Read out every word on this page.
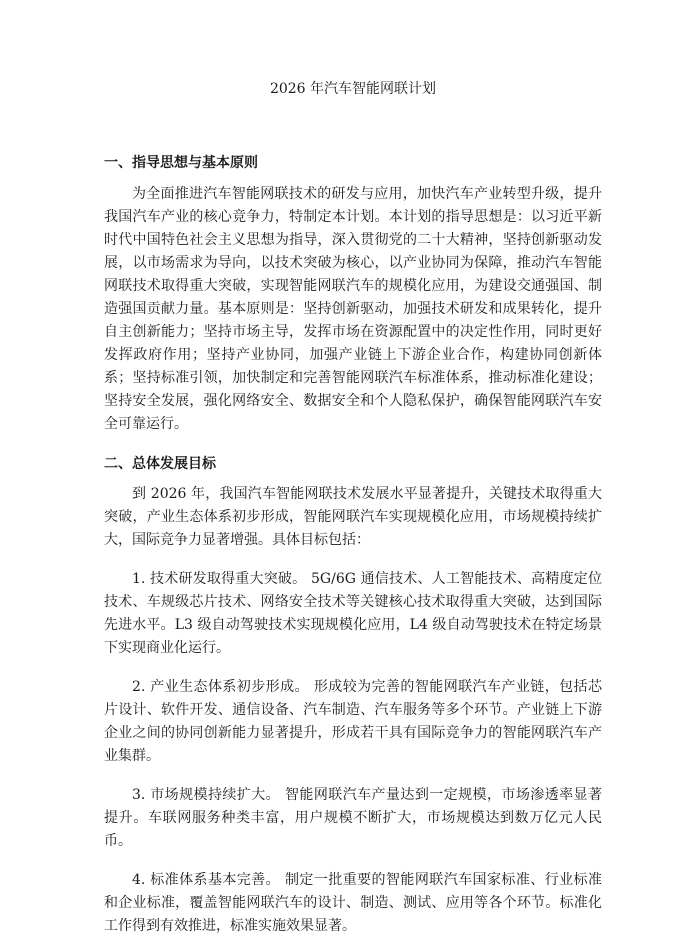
2026 年汽车智能网联计划
一、指导思想与基本原则

为全面推进汽车智能网联技术的研发与应用，加快汽车产业转型升级，提升我国汽车产业的核心竞争力，特制定本计划。本计划的指导思想是：以习近平新时代中国特色社会主义思想为指导，深入贯彻党的二十大精神，坚持创新驱动发展，以市场需求为导向，以技术突破为核心，以产业协同为保障，推动汽车智能网联技术取得重大突破，实现智能网联汽车的规模化应用，为建设交通强国、制造强国贡献力量。基本原则是：坚持创新驱动，加强技术研发和成果转化，提升自主创新能力；坚持市场主导，发挥市场在资源配置中的决定性作用，同时更好发挥政府作用；坚持产业协同，加强产业链上下游企业合作，构建协同创新体系；坚持标准引领，加快制定和完善智能网联汽车标准体系，推动标准化建设；坚持安全发展，强化网络安全、数据安全和个人隐私保护，确保智能网联汽车安全可靠运行。

二、总体发展目标

到 2026 年，我国汽车智能网联技术发展水平显著提升，关键技术取得重大突破，产业生态体系初步形成，智能网联汽车实现规模化应用，市场规模持续扩大，国际竞争力显著增强。具体目标包括：

1. 技术研发取得重大突破。 5G/6G 通信技术、人工智能技术、高精度定位技术、车规级芯片技术、网络安全技术等关键核心技术取得重大突破，达到国际先进水平。L3 级自动驾驶技术实现规模化应用，L4 级自动驾驶技术在特定场景下实现商业化运行。

2. 产业生态体系初步形成。 形成较为完善的智能网联汽车产业链，包括芯片设计、软件开发、通信设备、汽车制造、汽车服务等多个环节。产业链上下游企业之间的协同创新能力显著提升，形成若干具有国际竞争力的智能网联汽车产业集群。

3. 市场规模持续扩大。 智能网联汽车产量达到一定规模，市场渗透率显著提升。车联网服务种类丰富，用户规模不断扩大，市场规模达到数万亿元人民币。

4. 标准体系基本完善。 制定一批重要的智能网联汽车国家标准、行业标准和企业标准，覆盖智能网联汽车的设计、制造、测试、应用等各个环节。标准化工作得到有效推进，标准实施效果显著。
